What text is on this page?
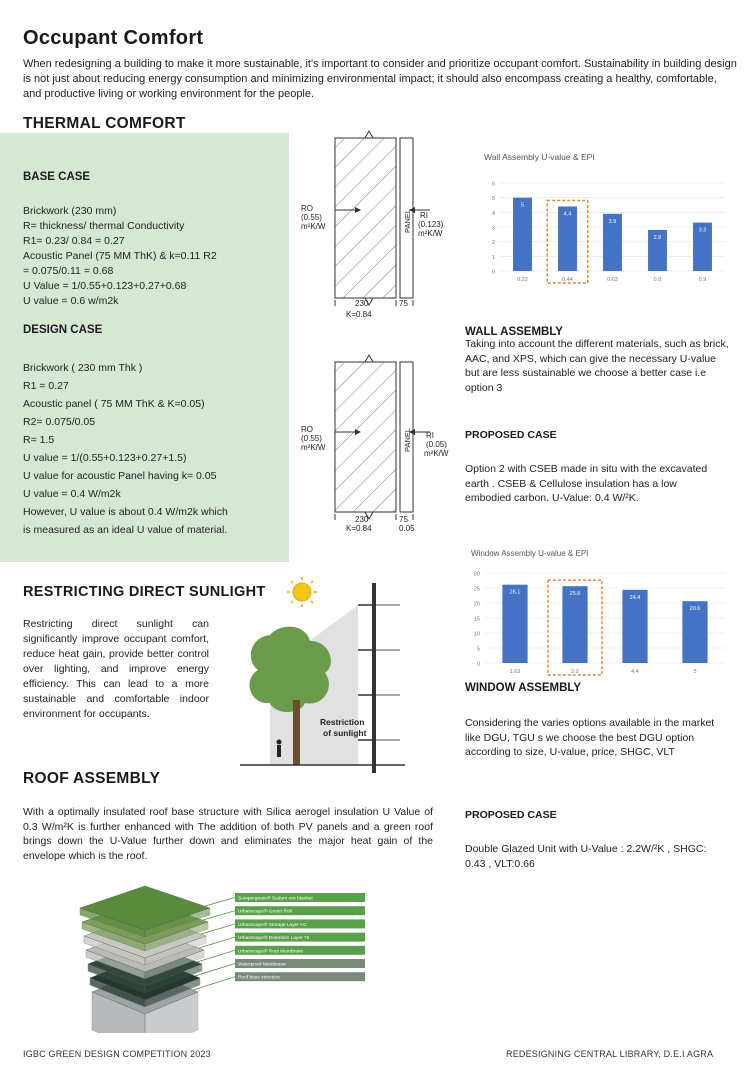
Occupant Comfort
When redesigning a building to make it more sustainable, it's important to consider and prioritize occupant comfort. Sustainability in building design is not just about reducing energy consumption and minimizing environmental impact; it should also encompass creating a healthy, comfortable, and productive living or working environment for the people.
THERMAL COMFORT
BASE CASE
Brickwork (230 mm)
R= thickness/ thermal Conductivity
R1= 0.23/ 0.84 = 0.27
Acoustic Panel (75 MM ThK) & k=0.11 R2
= 0.075/0.11 = 0.68
U Value = 1/0.55+0.123+0.27+0.68
U value = 0.6 w/m2k
DESIGN CASE
Brickwork ( 230 mm Thk )
R1 = 0.27
Acoustic panel ( 75 MM ThK & K=0.05)
R2= 0.075/0.05
R= 1.5
U value = 1/(0.55+0.123+0.27+1.5)
U value for acoustic Panel having k= 0.05
U value = 0.4 W/m2k
However, U value is about 0.4 W/m2k which
is measured as an ideal U value of material.
RO
(0.55)
m²K/W
RI
(0.123)
m²K/W
PANEL
230	75
K=0.84
RO
(0.55)
m²K/W
RI
(0.05)
m²K/W
PANEL
230	75
K=0.84	0.05
Wall Assembly U-value & EPI
0
1
2
3
4
5
6
5
0.22
4.4
0.44
3.9
0.63
2.8
0.8
3.3
0.9
WALL ASSEMBLY
Taking into account the different materials, such as brick, AAC, and XPS, which can give the necessary U-value but are less sustainable we choose a better case i.e option 3
PROPOSED CASE
Option 2 with CSEB made in situ with the excavated earth . CSEB & Cellulose insulation has a low embodied carbon. U-Value: 0.4 W/²K.
Window Assembly U-value & EPI
0
5
10
15
20
25
30
26.1
1.63
25.6
2.2
24.4
4.4
20.6
5
WINDOW ASSEMBLY
Considering the varies options available in the market like DGU, TGU s we choose the best DGU option according to size, U-value, price, SHGC, VLT
PROPOSED CASE
Double Glazed Unit with U-Value : 2.2W/²K , SHGC: 0.43 , VLT:0.66
RESTRICTING DIRECT SUNLIGHT
Restricting direct sunlight can significantly improve occupant comfort, reduce heat gain, provide better control over lighting, and improve energy efficiency. This can lead to a more sustainable and comfortable indoor environment for occupants.
Restriction
of sunlight
ROOF ASSEMBLY
With a optimally insulated roof base structure with Silica aerogel insulation U Value of 0.3 W/m²K is further enhanced with The addition of both PV panels and a green roof brings down the U-Value further down and eliminates the major heat gain of the envelope which is the roof.
Sempergreen® Sedum mix blanket
Urbanscape® Green Roll
Urbanscape® Storage Layer HC
Urbanscape® Detention Layer 75
Urbanscape® Root Membrane
Waterproof Membrane
Roof base structure
IGBC GREEN DESIGN COMPETITION 2023	REDESIGNING CENTRAL LIBRARY, D.E.I AGRA
